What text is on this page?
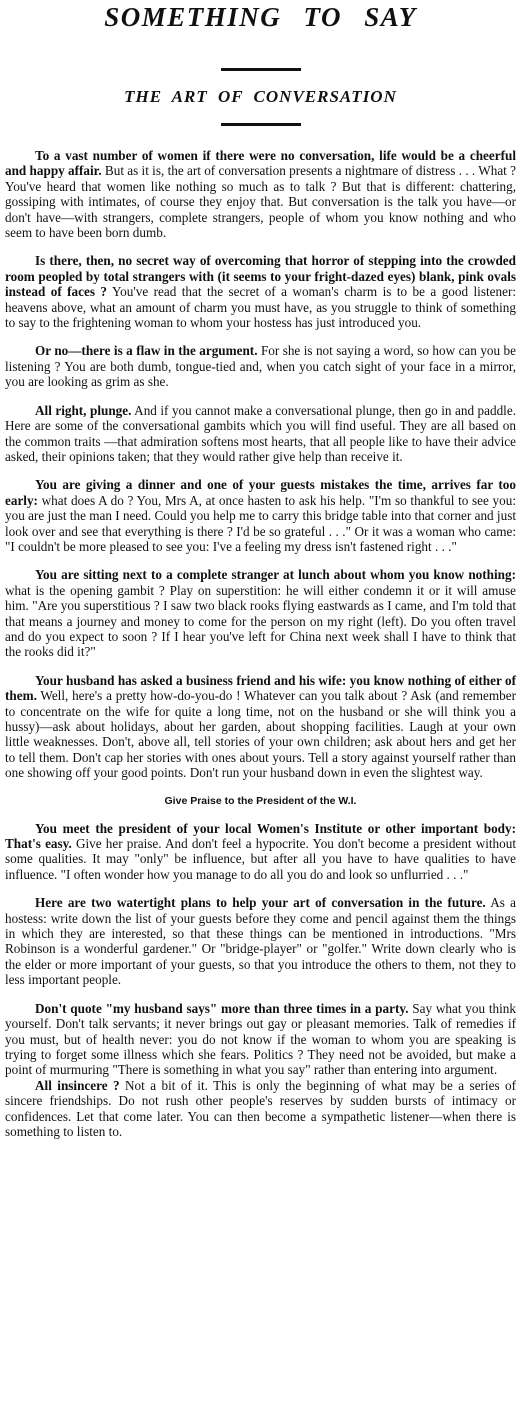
SOMETHING TO SAY
THE ART OF CONVERSATION

To a vast number of women if there were no conversation, life would be a cheerful and happy affair. But as it is, the art of conversation presents a nightmare of distress . . . What ? You've heard that women like nothing so much as to talk ? But that is different: chattering, gossiping with intimates, of course they enjoy that. But conversation is the talk you have—or don't have—with strangers, complete strangers, people of whom you know nothing and who seem to have been born dumb.

Is there, then, no secret way of overcoming that horror of stepping into the crowded room peopled by total strangers with (it seems to your fright-dazed eyes) blank, pink ovals instead of faces ? You've read that the secret of a woman's charm is to be a good listener: heavens above, what an amount of charm you must have, as you struggle to think of something to say to the frightening woman to whom your hostess has just introduced you.

Or no—there is a flaw in the argument. For she is not saying a word, so how can you be listening ? You are both dumb, tongue-tied and, when you catch sight of your face in a mirror, you are looking as grim as she.

All right, plunge. And if you cannot make a conversational plunge, then go in and paddle. Here are some of the conversational gambits which you will find useful. They are all based on the common traits —that admiration softens most hearts, that all people like to have their advice asked, their opinions taken; that they would rather give help than receive it.

You are giving a dinner and one of your guests mistakes the time, arrives far too early: what does A do ? You, Mrs A, at once hasten to ask his help. "I'm so thankful to see you: you are just the man I need. Could you help me to carry this bridge table into that corner and just look over and see that everything is there ? I'd be so grateful . . ." Or it was a woman who came: "I couldn't be more pleased to see you: I've a feeling my dress isn't fastened right . . ."

You are sitting next to a complete stranger at lunch about whom you know nothing: what is the opening gambit ? Play on superstition: he will either condemn it or it will amuse him. "Are you superstitious ? I saw two black rooks flying eastwards as I came, and I'm told that that means a journey and money to come for the person on my right (left). Do you often travel and do you expect to soon ? If I hear you've left for China next week shall I have to think that the rooks did it?"

Your husband has asked a business friend and his wife: you know nothing of either of them. Well, here's a pretty how-do-you-do ! Whatever can you talk about ? Ask (and remember to concentrate on the wife for quite a long time, not on the husband or she will think you a hussy)—ask about holidays, about her garden, about shopping facilities. Laugh at your own little weaknesses. Don't, above all, tell stories of your own children; ask about hers and get her to tell them. Don't cap her stories with ones about yours. Tell a story against yourself rather than one showing off your good points. Don't run your husband down in even the slightest way.

Give Praise to the President of the W.I.

You meet the president of your local Women's Institute or other important body: That's easy. Give her praise. And don't feel a hypocrite. You don't become a president without some qualities. It may "only" be influence, but after all you have to have qualities to have influence. "I often wonder how you manage to do all you do and look so unflurried . . ."

Here are two watertight plans to help your art of conversation in the future. As a hostess: write down the list of your guests before they come and pencil against them the things in which they are interested, so that these things can be mentioned in introductions. "Mrs Robinson is a wonderful gardener." Or "bridge-player" or "golfer." Write down clearly who is the elder or more important of your guests, so that you introduce the others to them, not they to less important people.

Don't quote "my husband says" more than three times in a party. Say what you think yourself. Don't talk servants; it never brings out gay or pleasant memories. Talk of remedies if you must, but of health never: you do not know if the woman to whom you are speaking is trying to forget some illness which she fears. Politics ? They need not be avoided, but make a point of murmuring "There is something in what you say" rather than entering into argument.

All insincere ? Not a bit of it. This is only the beginning of what may be a series of sincere friendships. Do not rush other people's reserves by sudden bursts of intimacy or confidences. Let that come later. You can then become a sympathetic listener—when there is something to listen to.
